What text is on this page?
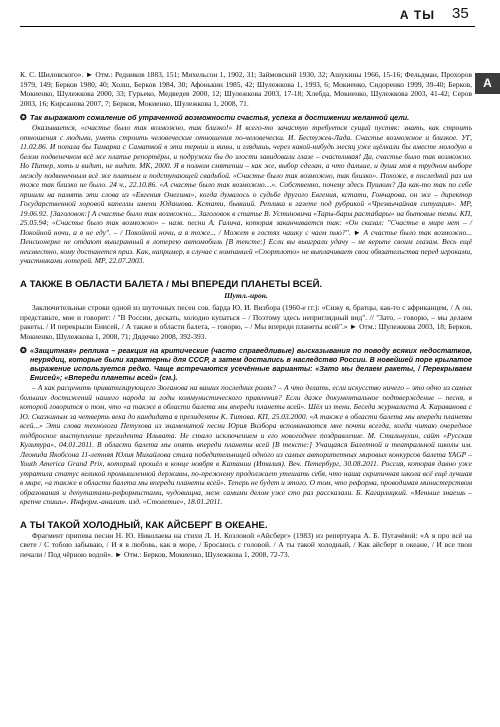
А ТЫ 35
А

К. С. Шиловского». ► Отм.: Редников 1883, 151; Михельсон 1, 1902, 31; Займовский 1930, 32; Ашукины 1966, 15-16; Фельдман, Прохоров 1979, 149; Берков 1980, 40; Холш, Берков 1984, 30; Афонькин 1985, 42; Шулежкова 1, 1993, 6; Мокиенко, Сидоренко 1999, 39-40; Берков, Мокиенко, Шулежкова 2000, 33; Гурьеко, Медведев 2000, 12; Шулежкова 2003, 17-18; Хлебда, Мокиенко, Шулежкова 2003, 41-42; Серов 2003, 16; Кирсанова 2007, 7; Берков, Мокиенко, Шулежкова 1, 2008, 71.

✪ Так выражают сожаление об утраченной возможности счастья, успеха в достижении желанной цели.

Оказывается, «счастье было так возможно, так близко!» И всего-то зачастую требуется сущий пустяк: знать, как строить отношения с людьми, уметь строить человеческие отношения по-человечески. И. Бестужев-Лада. Счастье возможное и близкое. УГ, 11.02.86. И попала бы Тамарка с Саматкой в эти тернии и вины, и глядишь, через какой-нибудь месяц уже щёлкали бы вместе молодую в белом подвенечном всё же платье репортёры, и подружки бы до злости завидовали глазе – счастливая! Да, счастье было так возможно. Но Питер, хоть и видит, не видит. МК, 2000. Я в полном смятении – как же, выбор сделан, а что дальше, и душа моя в трудном выборе между подвенечным всё же платьем и подступающей свадьбой. «Счастье было так возможно, так близко». Похоже, в последний раз им тоже так близко не было. 24 ч., 22.10.86. «А счастье было так возможно…». Собственно, почему здесь Пушкин? Да как-то так по себе пришли на память эти слова из «Евгения Онегина», когда думалось о судьбе другого Евгения, кстати, Гончарова, он же – директор Государственной хоровой капеллы имени Юдашова. Кстати, бывший. Реплика в газете под рубрикой «Чрезвычайная ситуация». МР, 19.06.92. [Заголовок:] А счастье было так возможно... Заголовок в статье В. Устиновича «Тары-бары растабары» на бытовые темы. КП, 25.05.94; «Счастье было так возможно» – назв. песни А. Галича, которая заканчивается так: «Он сказал: "Счастье в мире нет – / Покойной ночи, а я не еду". – / Покойной ночи, а я тоже... / Может в гостях чашку с чаем пью?". ► А счастье было так возможно... Пенсионерке не отдают выигранный в лотерею автомобиль [В тексте:] Если вы выиграли удачу – не верьте своим глазам. Весь ещё неизвестно, кому достанется приз. Как, например, в случае с компанией «Спортлото» не выплачивает свои обязательства перед игроками, участниками лотерей. МР, 22.07.2003.

А ТАКЖЕ В ОБЛАСТИ БАЛЕТА / МЫ ВПЕРЕДИ ПЛАНЕТЫ ВСЕЙ.
Шутл.-ирон.

Заключительные строки одной из шуточных песен сов. барда Ю. И. Визбора (1960-е гг.): «Сижу я, братцы, как-то с африканцем, / А он, представьте, мне и говорит: / "В России, дескать, холодно купаться – / Поэтому здесь неприглядный вид". // "Зато, – говорю, – мы делаем ракеты, / И перекрыли Енисей, / А также в области балета, – говорю, – / Мы впереди планеты всей".» ► Отм.: Шулежкова 2003, 18; Берков, Мокиенко, Шулежкова 1, 2008, 71; Дядечко 2008, 392-393.

✪ «Защитная» реплика – реакция на критические (часто справедливые) высказывания по поводу всяких недостатков, неурядиц, которые были характерны для СССР, а затем достались в наследство России. В новейшей поре крылатое выражение используется редко. Чаще встречаются усечённые варианты: «Зато мы делаем ракеты, / Перекрываем Енисей»; «Впереди планеты всей» (см.).

– А как расценить приватизирующего Зюганова на ваших последних ролях? – А что делать, если искусство ничего – это одно из самых больших достижений нашего народа за годы коммунистического правления? Если даже документальное подтверждение – песня, в которой говорится о том, что «а также в области балета мы впереди планеты всей». Шёл из тени. Беседа журналиста А. Караванова с Ю. Сказкиным за четверть века до кандидата в президенты К. Титова. КП, 25.03.2000. «А также в области балета мы впереди планеты всей...» Эти слова технолога Петухова из знаменитой песни Юрия Визбора вспоминаются мне почти всегда, когда читаю очередное подбросное выступление президента Ильвата. Не стало исключением и его новогоднее поздравление. М. Стальнухин, сайт «Русская Культура», 04.01.2011. В области балета мы опять впереди планеты всей [В тексте:] Учащаяся Балетной и театральной школы им. Леонида Якобсона 11-летняя Юлия Михайлова стала победительницей одного из самых авторитетных мировых конкурсов балета YAGP – Youth America Grand Prix, который прошёл в конце ноября в Катании (Италия). Веч. Петербург, 30.08.2011. Россия, которая давно уже утратила статус великой промышленной державы, по-прежнему продолжает утешать себя, что наша скрипичная школа всё ещё лучшая в мире, «а также в области балета мы впереди планеты всей». Теперь не будет и этого. О том, что реформа, проводимая министерством образования и депутатами-реформистами, чудовищна, меж самими делом уже сто раз рассказали. Б. Кагарлицкий. «Меньше знаешь – крепче спишь». Информ.-аналит. изд. «Столетие», 18.01.2011.

А ТЫ ТАКОЙ ХОЛОДНЫЙ, КАК АЙСБЕРГ В ОКЕАНЕ.

Фрагмент припева песни Н. Ю. Николаева на стихи Л. Н. Козловой «Айсберг» (1983) из репертуара А. Б. Пугачёвой: «А я про всё на свете / С тобою забываю, / И я в любовь, как в море, / Бросаюсь с головой. / А ты такой холодный, / Как айсберг в океане, / И все твои печали / Под чёрною водой». ► Отм.: Берков, Мокиенко, Шулежкова 1, 2008, 72-73.
